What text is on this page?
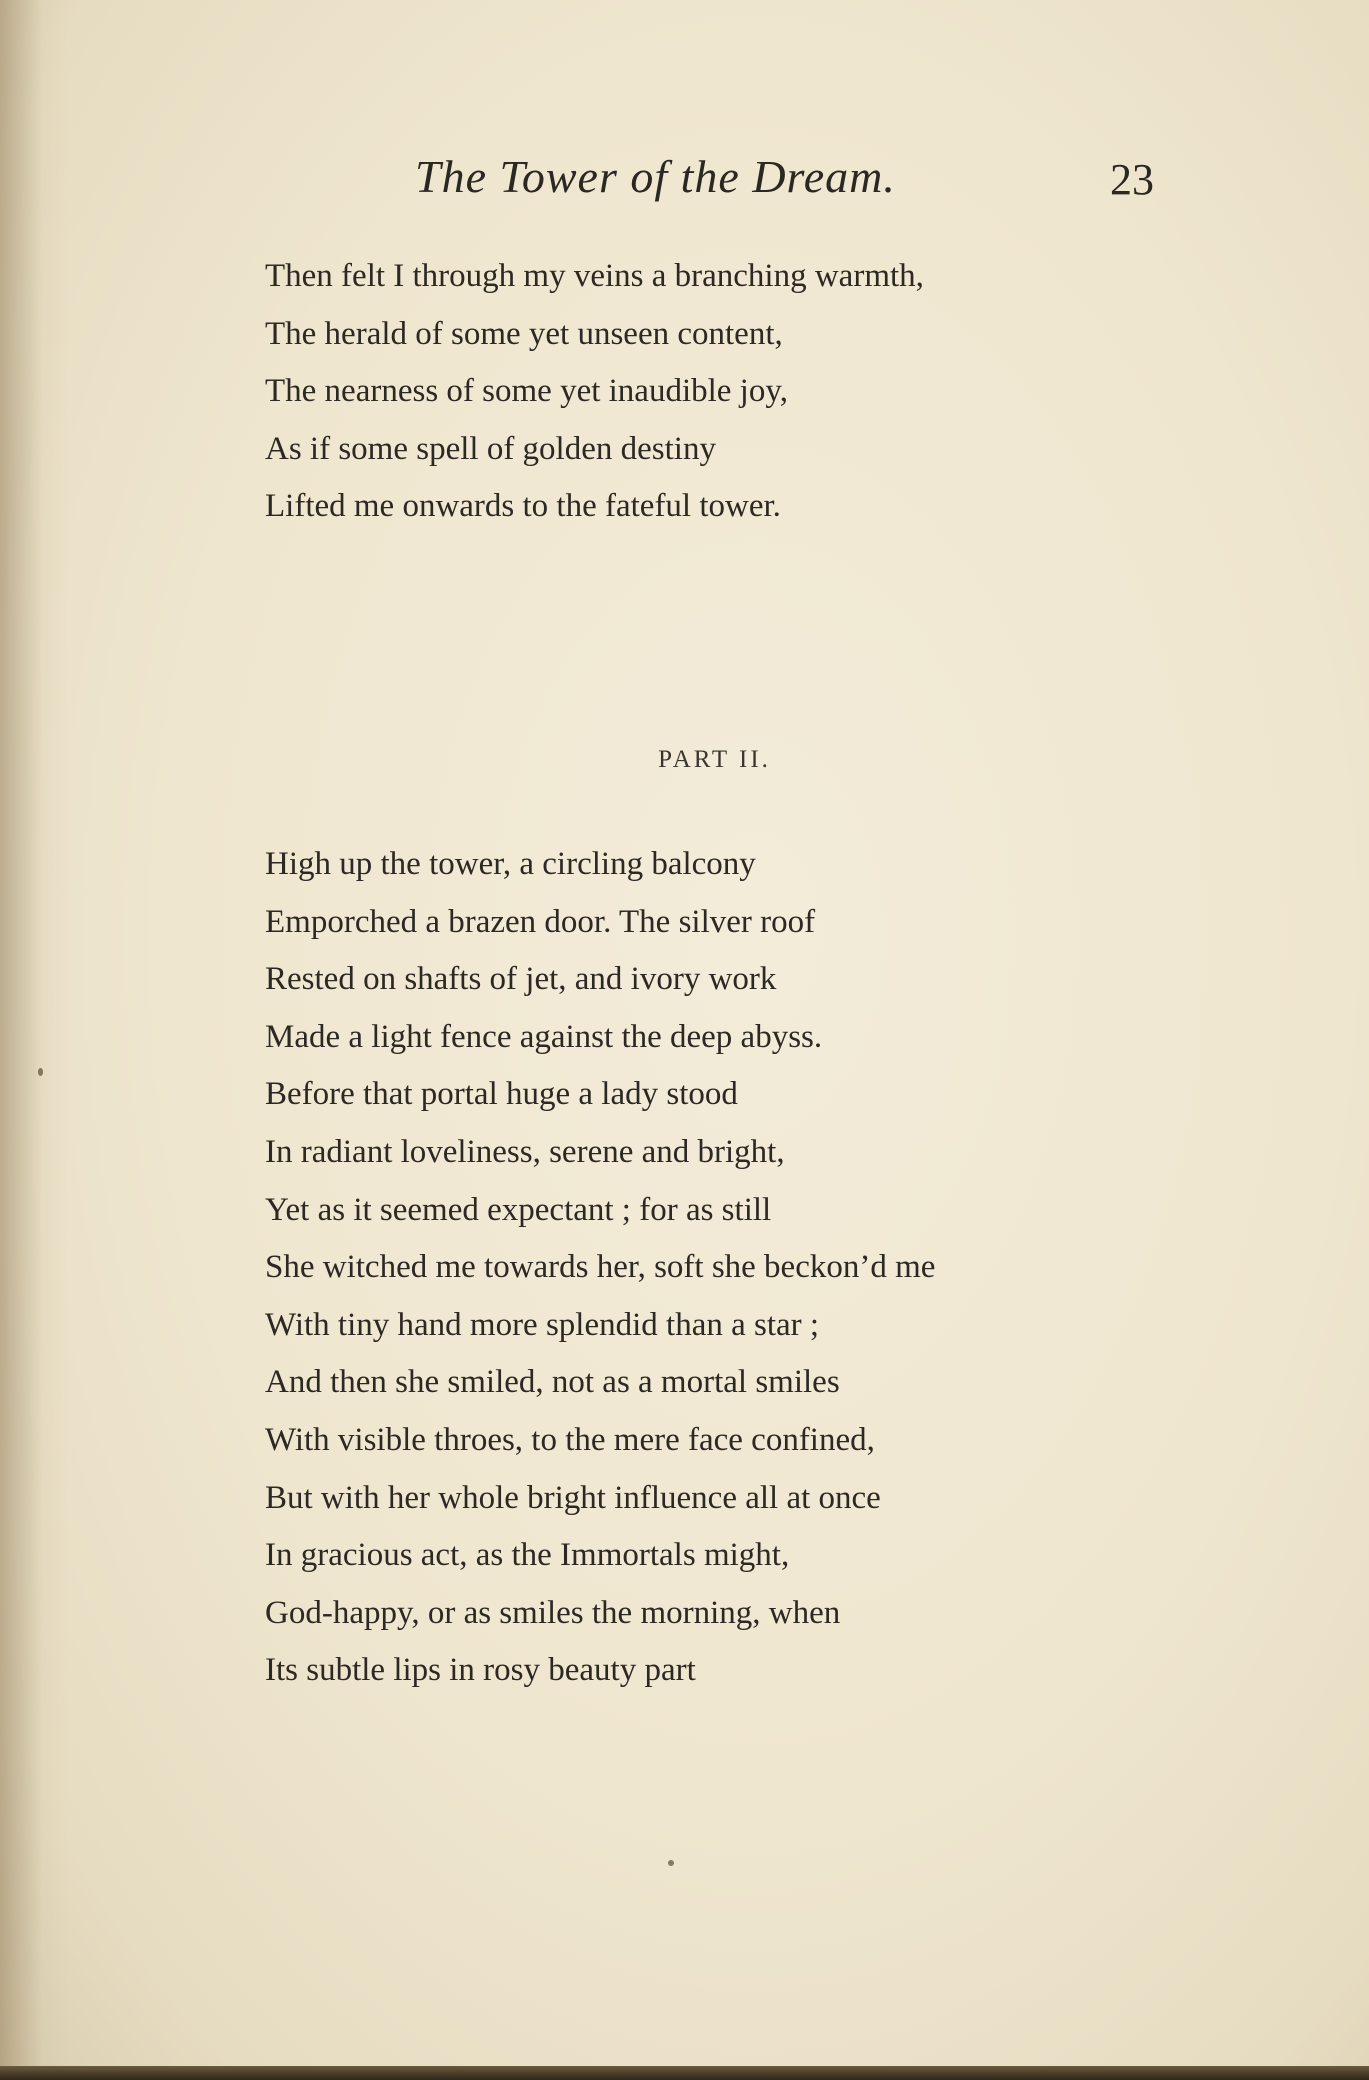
The Tower of the Dream.	23
Then felt I through my veins a branching warmth,
The herald of some yet unseen content,
The nearness of some yet inaudible joy,
As if some spell of golden destiny
Lifted me onwards to the fateful tower.
PART II.
High up the tower, a circling balcony
Emporched a brazen door. The silver roof
Rested on shafts of jet, and ivory work
Made a light fence against the deep abyss.
Before that portal huge a lady stood
In radiant loveliness, serene and bright,
Yet as it seemed expectant ; for as still
She witched me towards her, soft she beckon’d me
With tiny hand more splendid than a star ;
And then she smiled, not as a mortal smiles
With visible throes, to the mere face confined,
But with her whole bright influence all at once
In gracious act, as the Immortals might,
God-happy, or as smiles the morning, when
Its subtle lips in rosy beauty part
